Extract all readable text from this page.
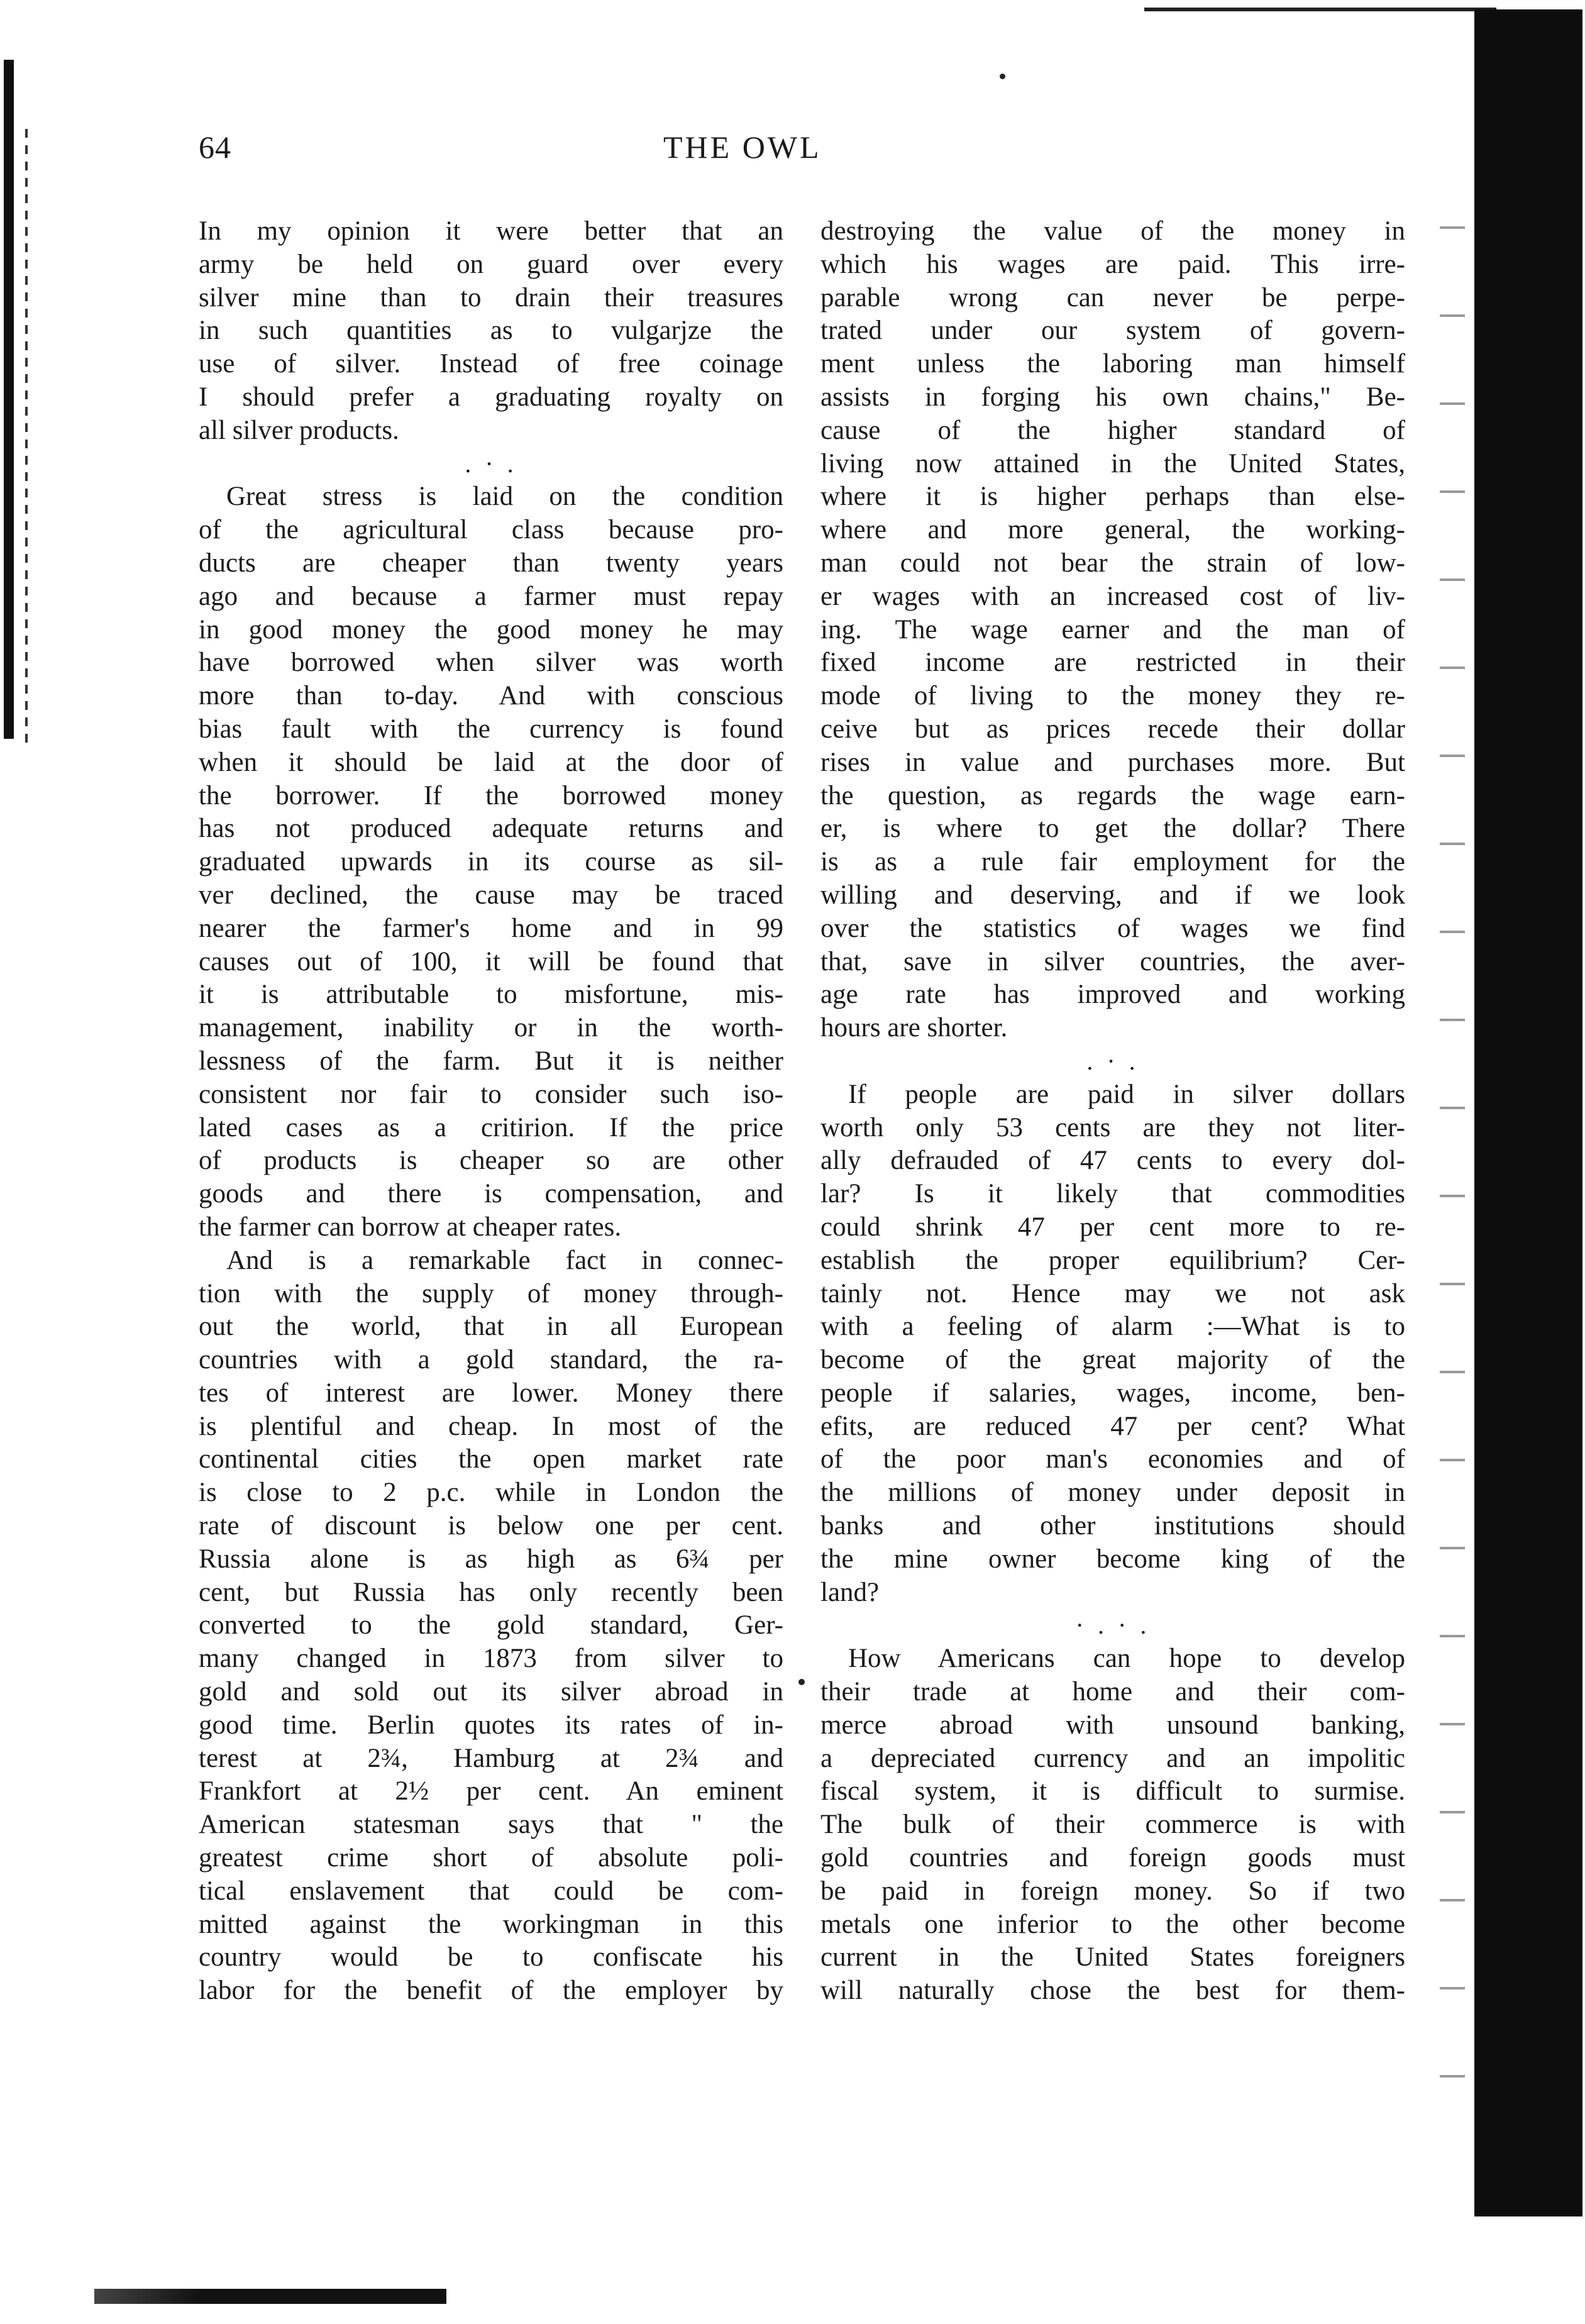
64	THE OWL
In my opinion it were better that an
army be held on guard over every
silver mine than to drain their treasures
in such quantities as to vulgarjze the
use of silver. Instead of free coinage
I should prefer a graduating royalty on
all silver products.
. · .
Great stress is laid on the condition
of the agricultural class because pro-
ducts are cheaper than twenty years
ago and because a farmer must repay
in good money the good money he may
have borrowed when silver was worth
more than to-day. And with conscious
bias fault with the currency is found
when it should be laid at the door of
the borrower. If the borrowed money
has not produced adequate returns and
graduated upwards in its course as sil-
ver declined, the cause may be traced
nearer the farmer's home and in 99
causes out of 100, it will be found that
it is attributable to misfortune, mis-
management, inability or in the worth-
lessness of the farm. But it is neither
consistent nor fair to consider such iso-
lated cases as a critirion. If the price
of products is cheaper so are other
goods and there is compensation, and
the farmer can borrow at cheaper rates.
And is a remarkable fact in connec-
tion with the supply of money through-
out the world, that in all European
countries with a gold standard, the ra-
tes of interest are lower. Money there
is plentiful and cheap. In most of the
continental cities the open market rate
is close to 2 p.c. while in London the
rate of discount is below one per cent.
Russia alone is as high as 6¾ per
cent, but Russia has only recently been
converted to the gold standard, Ger-
many changed in 1873 from silver to
gold and sold out its silver abroad in
good time. Berlin quotes its rates of in-
terest at 2¾, Hamburg at 2¾ and
Frankfort at 2½ per cent. An eminent
American statesman says that " the
greatest crime short of absolute poli-
tical enslavement that could be com-
mitted against the workingman in this
country would be to confiscate his
labor for the benefit of the employer by
destroying the value of the money in
which his wages are paid. This irre-
parable wrong can never be perpe-
trated under our system of govern-
ment unless the laboring man himself
assists in forging his own chains," Be-
cause of the higher standard of
living now attained in the United States,
where it is higher perhaps than else-
where and more general, the working-
man could not bear the strain of low-
er wages with an increased cost of liv-
ing. The wage earner and the man of
fixed income are restricted in their
mode of living to the money they re-
ceive but as prices recede their dollar
rises in value and purchases more. But
the question, as regards the wage earn-
er, is where to get the dollar? There
is as a rule fair employment for the
willing and deserving, and if we look
over the statistics of wages we find
that, save in silver countries, the aver-
age rate has improved and working
hours are shorter.
. · .
If people are paid in silver dollars
worth only 53 cents are they not liter-
ally defrauded of 47 cents to every dol-
lar? Is it likely that commodities
could shrink 47 per cent more to re-
establish the proper equilibrium? Cer-
tainly not. Hence may we not ask
with a feeling of alarm :—What is to
become of the great majority of the
people if salaries, wages, income, ben-
efits, are reduced 47 per cent? What
of the poor man's economies and of
the millions of money under deposit in
banks and other institutions should
the mine owner become king of the
land?
· . · .
How Americans can hope to develop
their trade at home and their com-
merce abroad with unsound banking,
a depreciated currency and an impolitic
fiscal system, it is difficult to surmise.
The bulk of their commerce is with
gold countries and foreign goods must
be paid in foreign money. So if two
metals one inferior to the other become
current in the United States foreigners
will naturally chose the best for them-
